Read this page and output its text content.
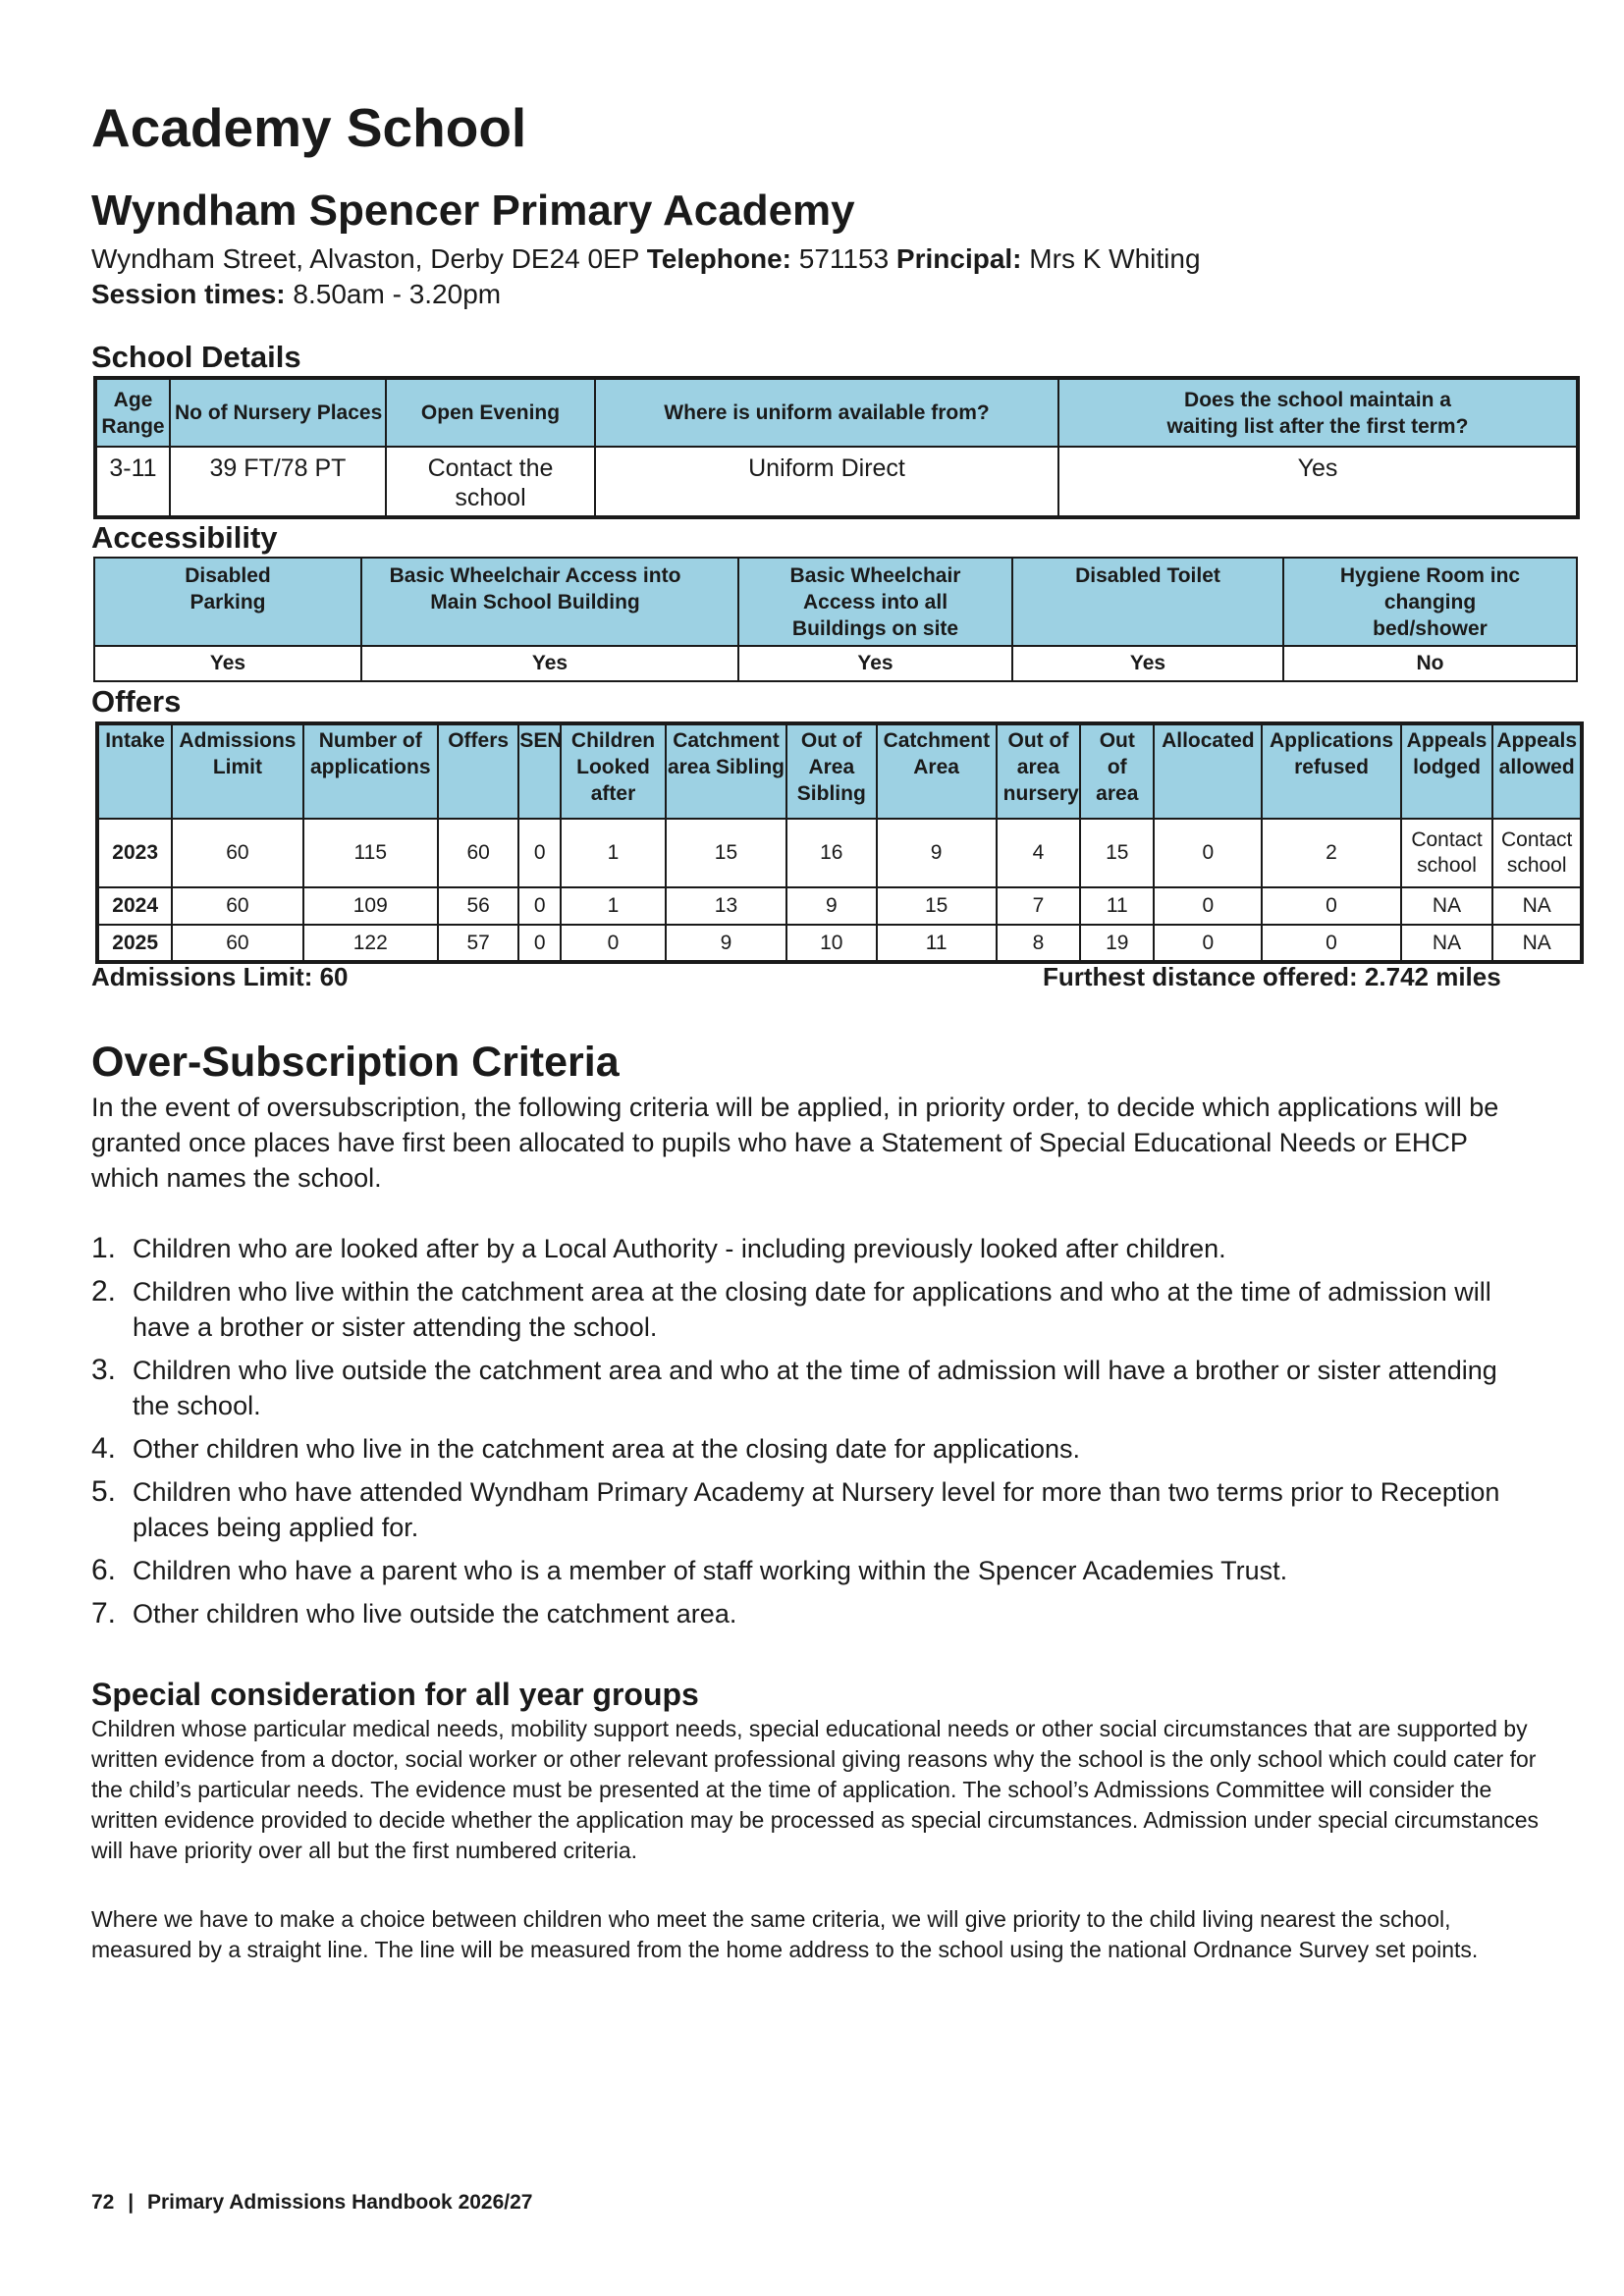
Academy School
Wyndham Spencer Primary Academy
Wyndham Street, Alvaston, Derby DE24 0EP Telephone: 571153 Principal: Mrs K Whiting
Session times: 8.50am - 3.20pm
School Details
Age Range	No of Nursery Places	Open Evening	Where is uniform available from?	Does the school maintain a waiting list after the first term?
3-11	39 FT/78 PT	Contact the school	Uniform Direct	Yes
Accessibility
Disabled Parking	Basic Wheelchair Access into Main School Building	Basic Wheelchair Access into all Buildings on site	Disabled Toilet	Hygiene Room inc changing bed/shower
Yes	Yes	Yes	Yes	No
Offers
Intake	Admissions Limit	Number of applications	Offers	SEN	Children Looked after	Catchment area Sibling	Out of Area Sibling	Catchment Area	Out of area nursery	Out of area	Allocated	Applications refused	Appeals lodged	Appeals allowed
2023	60	115	60	0	1	15	16	9	4	15	0	2	Contact school	Contact school
2024	60	109	56	0	1	13	9	15	7	11	0	0	NA	NA
2025	60	122	57	0	0	9	10	11	8	19	0	0	NA	NA
Admissions Limit: 60	Furthest distance offered: 2.742 miles
Over-Subscription Criteria
In the event of oversubscription, the following criteria will be applied, in priority order, to decide which applications will be granted once places have first been allocated to pupils who have a Statement of Special Educational Needs or EHCP which names the school.
1. Children who are looked after by a Local Authority - including previously looked after children.
2. Children who live within the catchment area at the closing date for applications and who at the time of admission will have a brother or sister attending the school.
3. Children who live outside the catchment area and who at the time of admission will have a brother or sister attending the school.
4. Other children who live in the catchment area at the closing date for applications.
5. Children who have attended Wyndham Primary Academy at Nursery level for more than two terms prior to Reception places being applied for.
6. Children who have a parent who is a member of staff working within the Spencer Academies Trust.
7. Other children who live outside the catchment area.
Special consideration for all year groups
Children whose particular medical needs, mobility support needs, special educational needs or other social circumstances that are supported by written evidence from a doctor, social worker or other relevant professional giving reasons why the school is the only school which could cater for the child’s particular needs. The evidence must be presented at the time of application. The school’s Admissions Committee will consider the written evidence provided to decide whether the application may be processed as special circumstances. Admission under special circumstances will have priority over all but the first numbered criteria.
Where we have to make a choice between children who meet the same criteria, we will give priority to the child living nearest the school, measured by a straight line. The line will be measured from the home address to the school using the national Ordnance Survey set points.
72 | Primary Admissions Handbook 2026/27
